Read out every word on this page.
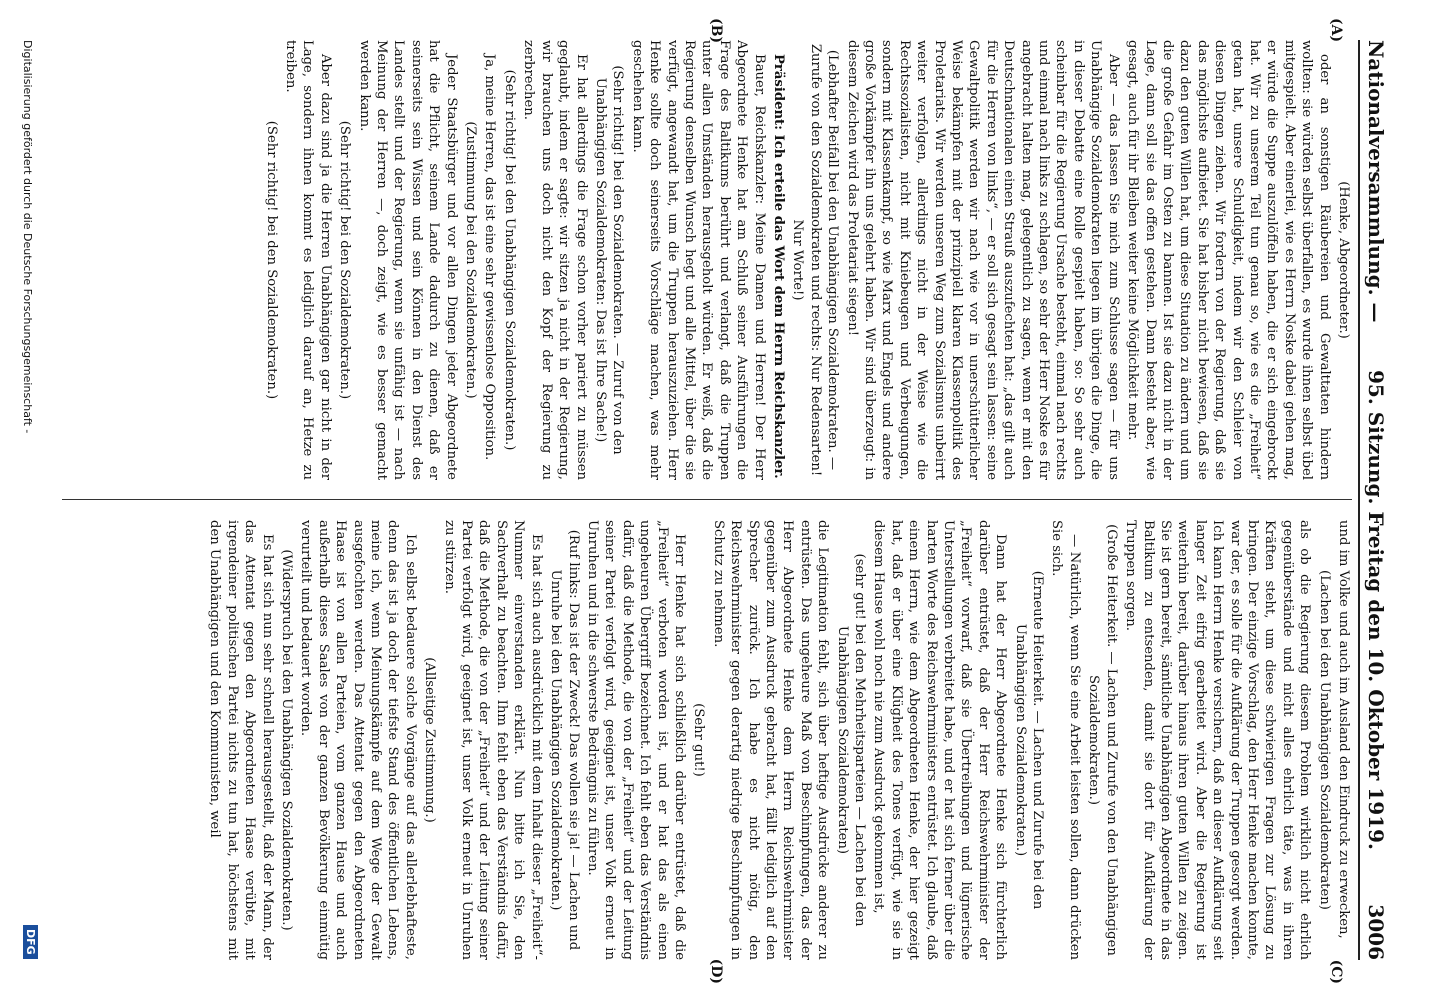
Nationalversammlung. —
95. Sitzung. Freitag den 10. Oktober 1919.
3006
(A)
(B)
(C)
(D)

(Henke, Abgeordneter.)

oder an sonstigen Räubereien und Gewalttaten hindern wollten: sie würden selbst überfallen, es wurde ihnen selbst übel mitgespielt. Aber einerlei, wie es Herrn Noske dabei gehen mag, er würde die Suppe auszulöffeln haben, die er sich eingebrockt hat. Wir zu unserem Teil tun genau so, wie es die „Freiheit“ getan hat, unsere Schuldigkeit, indem wir den Schleier von diesen Dingen ziehen. Wir fordern von der Regierung, daß sie das möglichste aufbietet. Sie hat bisher nicht bewiesen, daß sie dazu den guten Willen hat, um diese Situation zu ändern und um die große Gefahr im Osten zu bannen. Ist sie dazu nicht in der Lage, dann soll sie das offen gestehen. Dann besteht aber, wie gesagt, auch für ihr Bleiben weiter keine Möglichkeit mehr.

Aber — das lassen Sie mich zum Schlusse sagen — für uns Unabhängige Sozialdemokraten liegen im übrigen die Dinge, die in dieser Debatte eine Rolle gespielt haben, so: So sehr auch scheinbar für die Regierung Ursache besteht, einmal nach rechts und einmal nach links zu schlagen, so sehr der Herr Noske es für angebracht halten mag, gelegentlich zu sagen, wenn er mit den Deutschnationalen einen Strauß auszufechten hat: „das gilt auch für die Herren von links“, — er soll sich gesagt sein lassen: seine Gewaltpolitik werden wir nach wie vor in unerschütterlicher Weise bekämpfen mit der prinzipiell klaren Klassenpolitik des Proletariats. Wir werden unseren Weg zum Sozialismus unbeirrt weiter verfolgen, allerdings nicht in der Weise wie die Rechtssozialisten, nicht mit Kniebeugen und Verbeugungen, sondern mit Klassenkampf, so wie Marx und Engels und andere große Vorkämpfer ihn uns gelehrt haben. Wir sind überzeugt: in diesem Zeichen wird das Proletariat siegen!

(Lebhafter Beifall bei den Unabhängigen Sozialdemokraten. — Zurufe von den Sozialdemokraten und rechts: Nur Redensarten! Nur Worte!)

Präsident: Ich erteile das Wort dem Herrn Reichskanzler.

Bauer, Reichskanzler: Meine Damen und Herren! Der Herr Abgeordnete Henke hat am Schluß seiner Ausführungen die Frage des Baltikums berührt und verlangt, daß die Truppen unter allen Umständen herausgeholt würden. Er weiß, daß die Regierung denselben Wunsch hegt und alle Mittel, über die sie verfügt, angewandt hat, um die Truppen herauszuziehen. Herr Henke sollte doch seinerseits Vorschläge machen, was mehr geschehen kann.

(Sehr richtig! bei den Sozialdemokraten. — Zuruf von den Unabhängigen Sozialdemokraten: Das ist Ihre Sache!)

Er hat allerdings die Frage schon vorher pariert zu müssen geglaubt, indem er sagte: wir sitzen ja nicht in der Regierung, wir brauchen uns doch nicht den Kopf der Regierung zu zerbrechen.

(Sehr richtig! bei den Unabhängigen Sozialdemokraten.)

Ja, meine Herren, das ist eine sehr gewissenlose Opposition.

(Zustimmung bei den Sozialdemokraten.)

Jeder Staatsbürger und vor allen Dingen jeder Abgeordnete hat die Pflicht, seinem Lande dadurch zu dienen, daß er seinerseits sein Wissen und sein Können in den Dienst des Landes stellt und der Regierung, wenn sie unfähig ist — nach Meinung der Herren —, doch zeigt, wie es besser gemacht werden kann.

(Sehr richtig! bei den Sozialdemokraten.)

Aber dazu sind ja die Herren Unabhängigen gar nicht in der Lage, sondern ihnen kommt es lediglich darauf an, Hetze zu treiben.

(Sehr richtig! bei den Sozialdemokraten.)

und im Volke und auch im Ausland den Eindruck zu erwecken,

(Lachen bei den Unabhängigen Sozialdemokraten)

als ob die Regierung diesem Problem wirklich nicht ehrlich gegenüberstände und nicht alles ehrlich täte, was in ihren Kräften steht, um diese schwierigen Fragen zur Lösung zu bringen. Der einzige Vorschlag, den Herr Henke machen konnte, war der, es solle für die Aufklärung der Truppen gesorgt werden. Ich kann Herrn Henke versichern, daß an dieser Aufklärung seit langer Zeit eifrig gearbeitet wird. Aber die Regierung ist weiterhin bereit, darüber hinaus ihren guten Willen zu zeigen. Sie ist gern bereit, sämtliche Unabhängigen Abgeordnete in das Baltikum zu entsenden, damit sie dort für Aufklärung der Truppen sorgen.

(Große Heiterkeit. — Lachen und Zurufe von den Unabhängigen Sozialdemokraten.)

— Natürlich, wenn Sie eine Arbeit leisten sollen, dann drücken Sie sich.

(Erneute Heiterkeit. — Lachen und Zurufe bei den Unabhängigen Sozialdemokraten.)

Dann hat der Herr Abgeordnete Henke sich fürchterlich darüber entrüstet, daß der Herr Reichswehrminister der „Freiheit“ vorwarf, daß sie Übertreibungen und lügnerische Unterstellungen verbreitet habe, und er hat sich ferner über die harten Worte des Reichswehrministers entrüstet. Ich glaube, daß einem Herrn, wie dem Abgeordneten Henke, der hier gezeigt hat, daß er über eine Klügheit des Tones verfügt, wie sie in diesem Hause wohl noch nie zum Ausdruck gekommen ist,

(sehr gut! bei den Mehrheitsparteien — Lachen bei den Unabhängigen Sozialdemokraten)

die Legitimation fehlt, sich über heftige Ausdrücke anderer zu entrüsten. Das ungeheure Maß von Beschimpfungen, das der Herr Abgeordnete Henke dem Herrn Reichswehrminister gegenüber zum Ausdruck gebracht hat, fällt lediglich auf den Sprecher zurück. Ich habe es nicht nötig, den Reichswehrminister gegen derartig niedrige Beschimpfungen in Schutz zu nehmen.

(Sehr gut!)

Herr Henke hat sich schließlich darüber entrüstet, daß die „Freiheit“ verboten worden ist, und er hat das als einen ungeheuren Übergriff bezeichnet. Ich fehlt eben das Verständnis dafür, daß die Methode, die von der „Freiheit“ und der Leitung seiner Partei verfolgt wird, geeignet ist, unser Volk erneut in Unruhen und in die schwerste Bedrängnis zu führen.

(Ruf links: Das ist der Zweck! Das wollen sie ja! — Lachen und Unruhe bei den Unabhängigen Sozialdemokraten.)

Es hat sich auch ausdrücklich mit dem Inhalt dieser „Freiheit“-Nummer einverstanden erklärt. Nun bitte ich Sie, den Sachverhalt zu beachten. Ihm fehlt eben das Verständnis dafür, daß die Methode, die von der „Freiheit“ und der Leitung seiner Partei verfolgt wird, geeignet ist, unser Volk erneut in Unruhen zu stürzen.

(Allseitige Zustimmung.)

Ich selbst bedauere solche Vorgänge auf das allerlebhafteste, denn das ist ja doch der tiefste Stand des öffentlichen Lebens, meine ich, wenn Meinungskämpfe auf dem Wege der Gewalt ausgefochten werden. Das Attentat gegen den Abgeordneten Haase ist von allen Parteien, vom ganzen Hause und auch außerhalb dieses Saales von der ganzen Bevölkerung einmütig verurteilt und bedauert worden.

(Widerspruch bei den Unabhängigen Sozialdemokraten.)

Es hat sich nun sehr schnell herausgestellt, daß der Mann, der das Attentat gegen den Abgeordneten Haase verübte, mit irgendeiner politischen Partei nichts zu tun hat, höchstens mit den Unabhängigen und den Kommunisten, weil

Digitalisierung gefördert durch die Deutsche Forschungsgemeinschaft -
DFG
